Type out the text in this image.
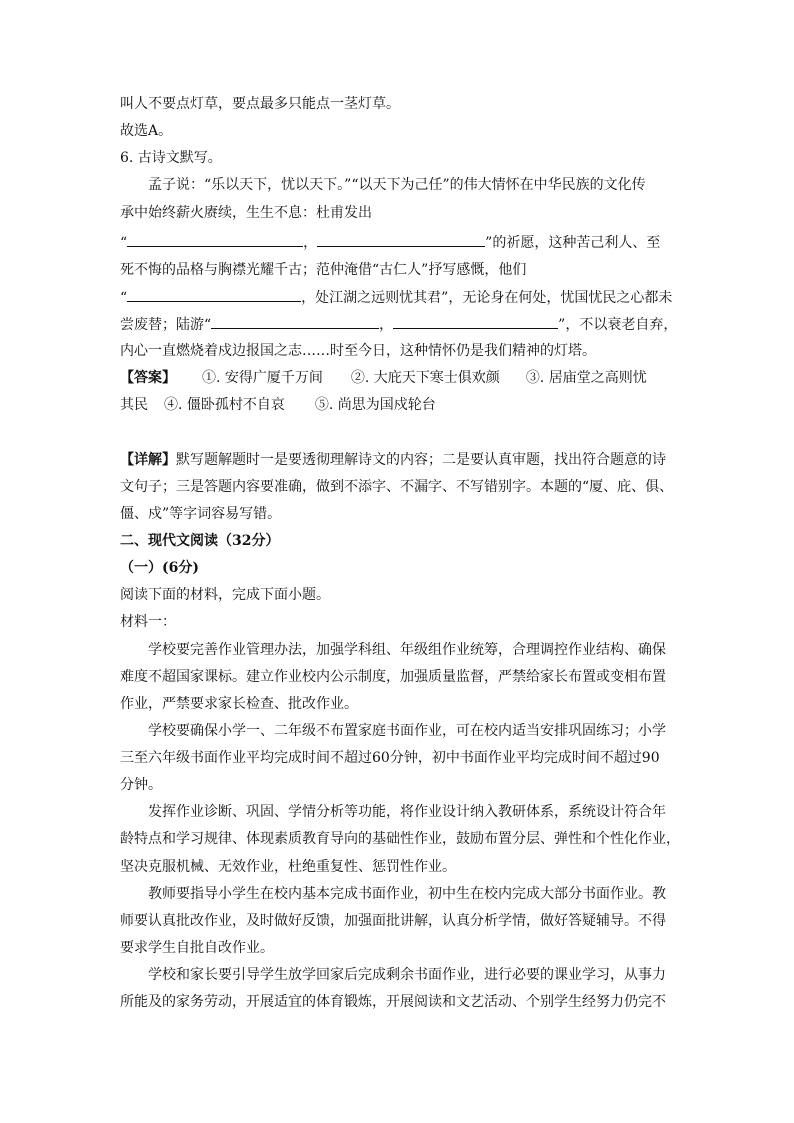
叫人不要点灯草，要点最多只能点一茎灯草。
故选A。
6. 古诗文默写。
孟子说：“乐以天下，忧以天下。”“以天下为己任”的伟大情怀在中华民族的文化传
承中始终薪火赓续，生生不息：杜甫发出
“	，	”的祈愿，这种苦己利人、至
死不悔的品格与胸襟光耀千古；范仲淹借“古仁人”抒写感慨，他们
“	，处江湖之远则忧其君”，无论身在何处，忧国忧民之心都未
尝废替；陆游“	，	”，不以衰老自弃，
内心一直燃烧着戍边报国之志……时至今日，这种情怀仍是我们精神的灯塔。
【答案】 ①. 安得广厦千万间 ②. 大庇天下寒士俱欢颜 ③. 居庙堂之高则忧
其民 ④. 僵卧孤村不自哀 ⑤. 尚思为国戍轮台
【详解】默写题解题时一是要透彻理解诗文的内容；二是要认真审题，找出符合题意的诗
文句子；三是答题内容要准确，做到不添字、不漏字、不写错别字。本题的“厦、庇、俱、
僵、戍”等字词容易写错。
二、现代文阅读（32分）
（一）(6分)
阅读下面的材料，完成下面小题。
材料一：
学校要完善作业管理办法，加强学科组、年级组作业统筹，合理调控作业结构、确保
难度不超国家课标。建立作业校内公示制度，加强质量监督，严禁给家长布置或变相布置
作业，严禁要求家长检查、批改作业。
学校要确保小学一、二年级不布置家庭书面作业，可在校内适当安排巩固练习；小学
三至六年级书面作业平均完成时间不超过60分钟，初中书面作业平均完成时间不超过90
分钟。
发挥作业诊断、巩固、学情分析等功能，将作业设计纳入教研体系，系统设计符合年
龄特点和学习规律、体现素质教育导向的基础性作业，鼓励布置分层、弹性和个性化作业，
坚决克服机械、无效作业，杜绝重复性、惩罚性作业。
教师要指导小学生在校内基本完成书面作业，初中生在校内完成大部分书面作业。教
师要认真批改作业，及时做好反馈，加强面批讲解，认真分析学情，做好答疑辅导。不得
要求学生自批自改作业。
学校和家长要引导学生放学回家后完成剩余书面作业，进行必要的课业学习，从事力
所能及的家务劳动，开展适宜的体育锻炼，开展阅读和文艺活动、个别学生经努力仍完不
